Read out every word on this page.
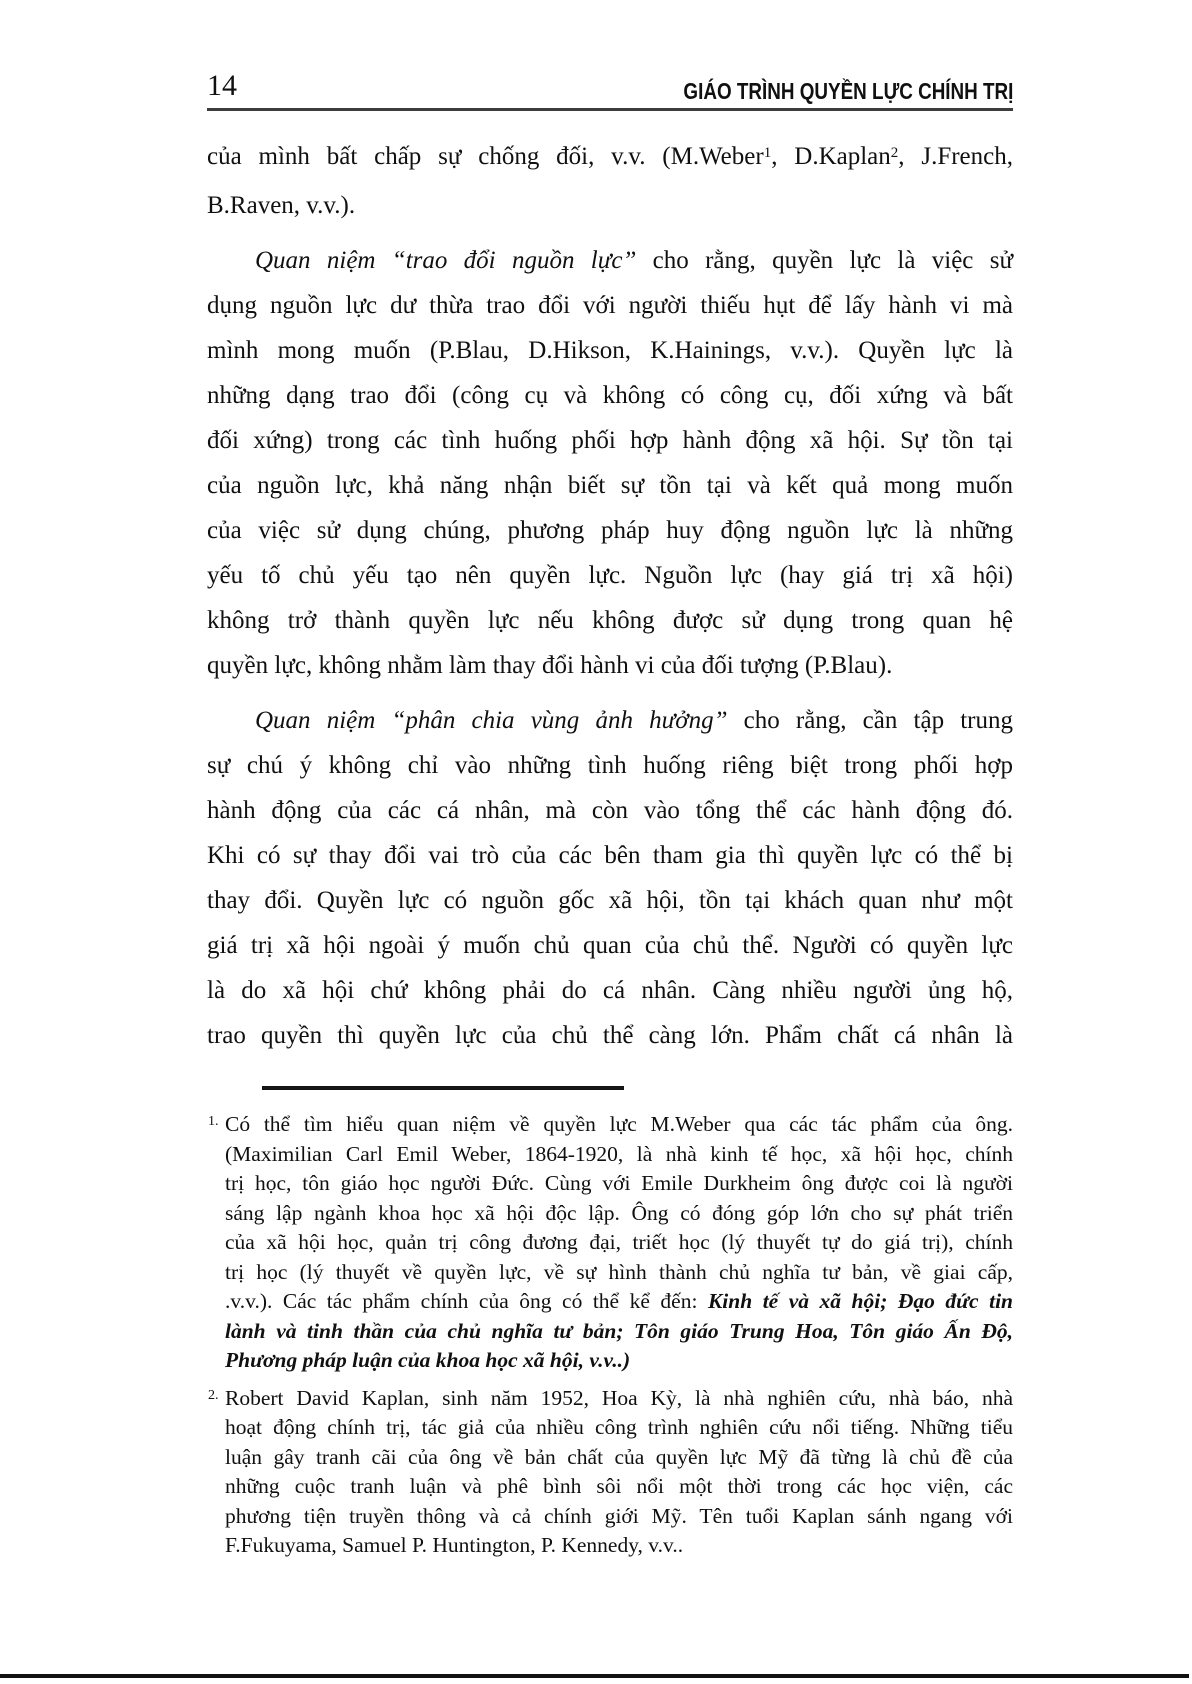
14	GIÁO TRÌNH QUYỀN LỰC CHÍNH TRỊ
của mình bất chấp sự chống đối, v.v. (M.Weber$^1$, D.Kaplan$^2$, J.French,
B.Raven, v.v.).
Quan niệm “trao đổi nguồn lực” cho rằng, quyền lực là việc sử
dụng nguồn lực dư thừa trao đổi với người thiếu hụt để lấy hành vi mà
mình mong muốn (P.Blau, D.Hikson, K.Hainings, v.v.). Quyền lực là
những dạng trao đổi (công cụ và không có công cụ, đối xứng và bất
đối xứng) trong các tình huống phối hợp hành động xã hội. Sự tồn tại
của nguồn lực, khả năng nhận biết sự tồn tại và kết quả mong muốn
của việc sử dụng chúng, phương pháp huy động nguồn lực là những
yếu tố chủ yếu tạo nên quyền lực. Nguồn lực (hay giá trị xã hội)
không trở thành quyền lực nếu không được sử dụng trong quan hệ
quyền lực, không nhằm làm thay đổi hành vi của đối tượng (P.Blau).
Quan niệm “phân chia vùng ảnh hưởng” cho rằng, cần tập trung
sự chú ý không chỉ vào những tình huống riêng biệt trong phối hợp
hành động của các cá nhân, mà còn vào tổng thể các hành động đó.
Khi có sự thay đổi vai trò của các bên tham gia thì quyền lực có thể bị
thay đổi. Quyền lực có nguồn gốc xã hội, tồn tại khách quan như một
giá trị xã hội ngoài ý muốn chủ quan của chủ thể. Người có quyền lực
là do xã hội chứ không phải do cá nhân. Càng nhiều người ủng hộ,
trao quyền thì quyền lực của chủ thể càng lớn. Phẩm chất cá nhân là
1. Có thể tìm hiểu quan niệm về quyền lực M.Weber qua các tác phẩm của ông.
(Maximilian Carl Emil Weber, 1864-1920, là nhà kinh tế học, xã hội học, chính
trị học, tôn giáo học người Đức. Cùng với Emile Durkheim ông được coi là người
sáng lập ngành khoa học xã hội độc lập. Ông có đóng góp lớn cho sự phát triển
của xã hội học, quản trị công đương đại, triết học (lý thuyết tự do giá trị), chính
trị học (lý thuyết về quyền lực, về sự hình thành chủ nghĩa tư bản, về giai cấp,
.v.v.). Các tác phẩm chính của ông có thể kể đến: Kinh tế và xã hội; Đạo đức tin
lành và tinh thần của chủ nghĩa tư bản; Tôn giáo Trung Hoa, Tôn giáo Ấn Độ,
Phương pháp luận của khoa học xã hội, v.v..)
2. Robert David Kaplan, sinh năm 1952, Hoa Kỳ, là nhà nghiên cứu, nhà báo, nhà
hoạt động chính trị, tác giả của nhiều công trình nghiên cứu nổi tiếng. Những tiểu
luận gây tranh cãi của ông về bản chất của quyền lực Mỹ đã từng là chủ đề của
những cuộc tranh luận và phê bình sôi nổi một thời trong các học viện, các
phương tiện truyền thông và cả chính giới Mỹ. Tên tuổi Kaplan sánh ngang với
F.Fukuyama, Samuel P. Huntington, P. Kennedy, v.v..
